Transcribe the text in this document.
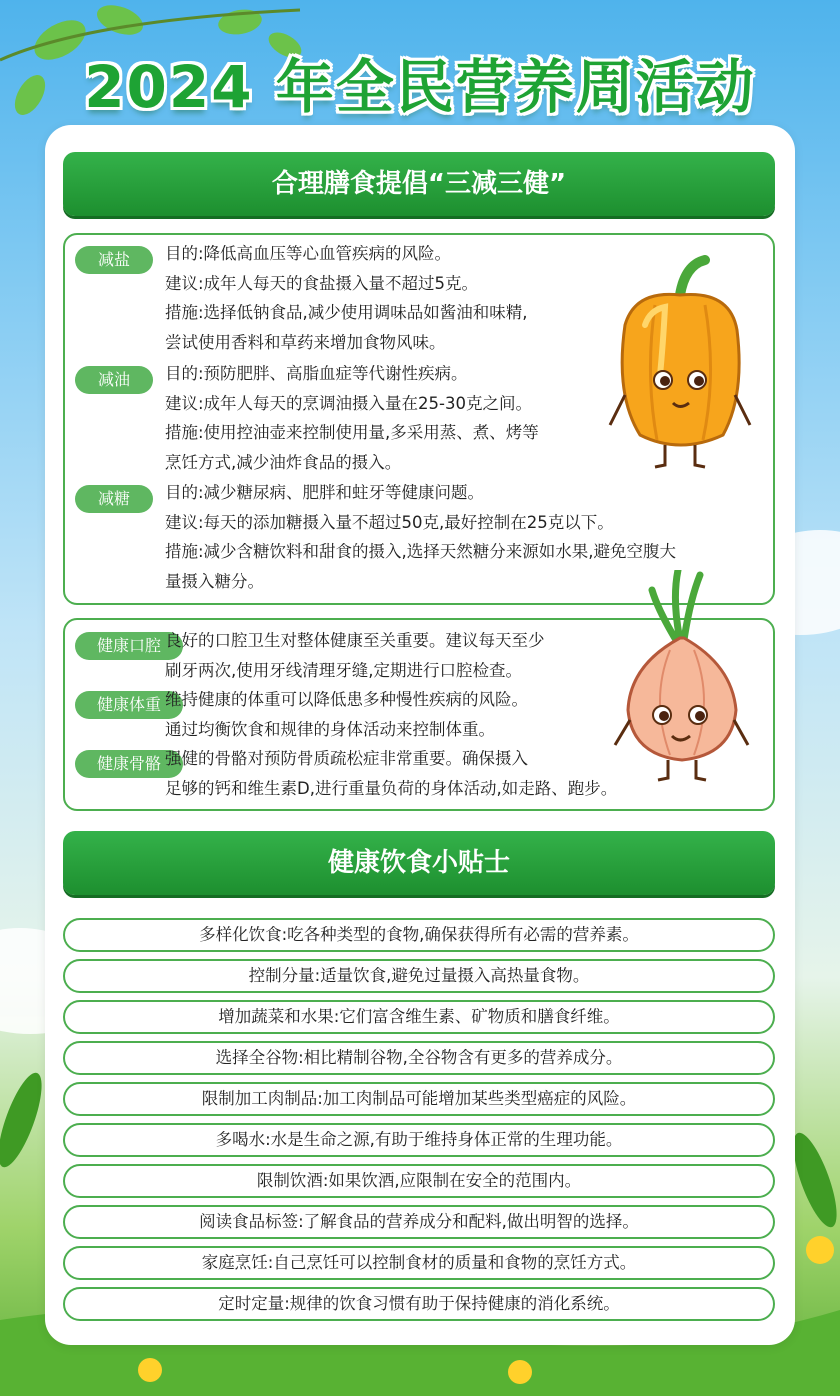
2024 年全民营养周活动
合理膳食提倡“三减三健”
减盐	目的:降低高血压等心血管疾病的风险。
建议:成年人每天的食盐摄入量不超过5克。
措施:选择低钠食品,减少使用调味品如酱油和味精,
尝试使用香料和草药来增加食物风味。
减油	目的:预防肥胖、高脂血症等代谢性疾病。
建议:成年人每天的烹调油摄入量在25-30克之间。
措施:使用控油壶来控制使用量,多采用蒸、煮、烤等
烹饪方式,减少油炸食品的摄入。
减糖	目的:减少糖尿病、肥胖和蛀牙等健康问题。
建议:每天的添加糖摄入量不超过50克,最好控制在25克以下。
措施:减少含糖饮料和甜食的摄入,选择天然糖分来源如水果,避免空腹大
量摄入糖分。
健康口腔 良好的口腔卫生对整体健康至关重要。建议每天至少
刷牙两次,使用牙线清理牙缝,定期进行口腔检查。
健康体重 维持健康的体重可以降低患多种慢性疾病的风险。
通过均衡饮食和规律的身体活动来控制体重。
健康骨骼 强健的骨骼对预防骨质疏松症非常重要。确保摄入
足够的钙和维生素D,进行重量负荷的身体活动,如走路、跑步。
健康饮食小贴士
多样化饮食:吃各种类型的食物,确保获得所有必需的营养素。
控制分量:适量饮食,避免过量摄入高热量食物。
增加蔬菜和水果:它们富含维生素、矿物质和膳食纤维。
选择全谷物:相比精制谷物,全谷物含有更多的营养成分。
限制加工肉制品:加工肉制品可能增加某些类型癌症的风险。
多喝水:水是生命之源,有助于维持身体正常的生理功能。
限制饮酒:如果饮酒,应限制在安全的范围内。
阅读食品标签:了解食品的营养成分和配料,做出明智的选择。
家庭烹饪:自己烹饪可以控制食材的质量和食物的烹饪方式。
定时定量:规律的饮食习惯有助于保持健康的消化系统。
